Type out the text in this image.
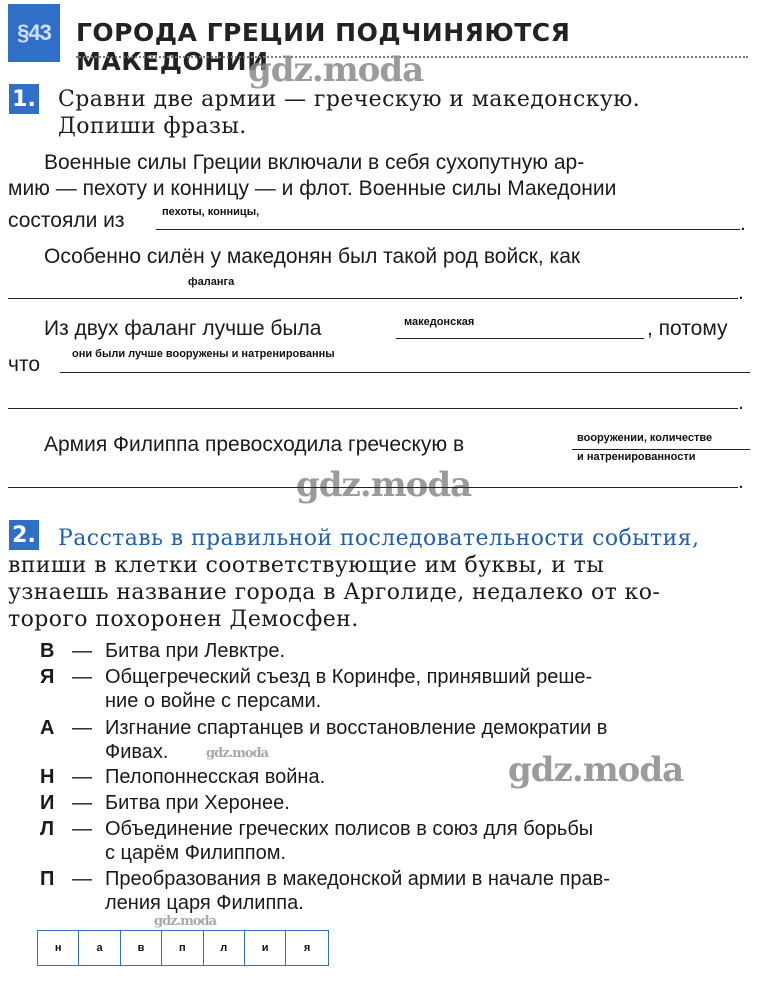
§43	ГОРОДА ГРЕЦИИ ПОДЧИНЯЮТСЯ МАКЕДОНИИ
gdz.moda
gdz.moda
gdz.moda
gdz.moda
gdz.moda
1. Сравни две армии — греческую и македонскую.
Допиши фразы.
Военные силы Греции включали в себя сухопутную ар-
мию — пехоту и конницу — и флот. Военные силы Македонии
состояли из	пехоты, конницы,	.
Особенно силён у македонян был такой род войск, как
фаланга	.
Из двух фаланг лучше была	македонская	, потому
что	они были лучше вооружены и натренированны
.
Армия Филиппа превосходила греческую в	вооружении, количестве
и натренированности
.
2. Расставь в правильной последовательности события,
впиши в клетки соответствующие им буквы, и ты
узнаешь название города в Арголиде, недалеко от ко-
торого похоронен Демосфен.
В — Битва при Левктре.
Я — Общегреческий съезд в Коринфе, принявший реше-
ние о войне с персами.
А — Изгнание спартанцев и восстановление демократии в
Фивах.
Н — Пелопоннесская война.
И — Битва при Херонее.
Л — Объединение греческих полисов в союз для борьбы
с царём Филиппом.
П — Преобразования в македонской армии в начале прав-
ления царя Филиппа.
н	а	в	п	л	и	я
